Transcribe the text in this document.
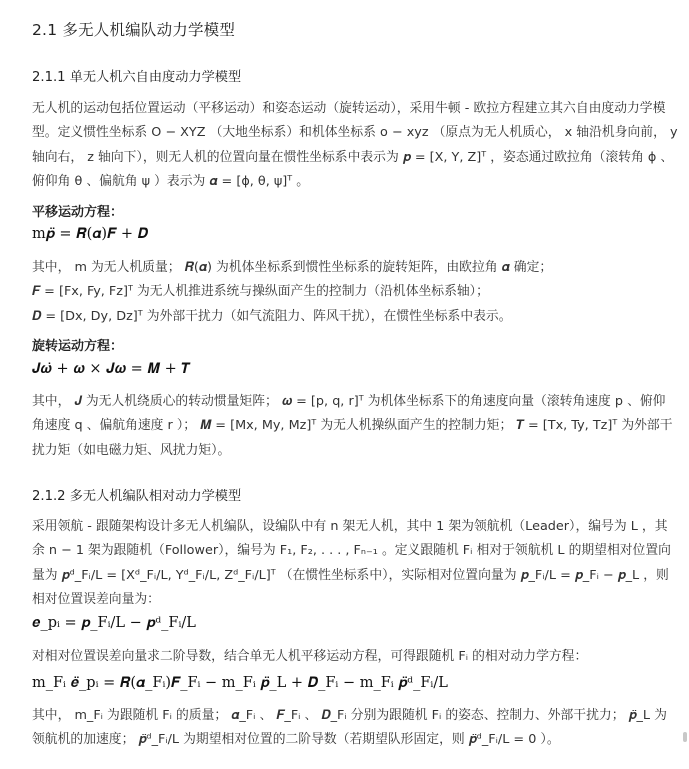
2.1 多无人机编队动力学模型
2.1.1 单无人机六自由度动力学模型

无人机的运动包括位置运动（平移运动）和姿态运动（旋转运动），采用牛顿 - 欧拉方程建立其六自由度动力学模型。定义惯性坐标系 O − XYZ （大地坐标系）和机体坐标系 o − xyz （原点为无人机质心， x 轴沿机身向前， y 轴向右， z 轴向下），则无人机的位置向量在惯性坐标系中表示为 𝒑 = [X, Y, Z]ᵀ ，姿态通过欧拉角（滚转角 ϕ 、俯仰角 θ 、偏航角 ψ ）表示为 𝜶 = [ϕ, θ, ψ]ᵀ 。

平移运动方程：

m𝒑̈ = 𝑹(𝜶)𝑭 + 𝑫

其中， m 为无人机质量； 𝑹(𝜶) 为机体坐标系到惯性坐标系的旋转矩阵，由欧拉角 𝜶 确定；
𝑭 = [Fx, Fy, Fz]ᵀ 为无人机推进系统与操纵面产生的控制力（沿机体坐标系轴）；
𝑫 = [Dx, Dy, Dz]ᵀ 为外部干扰力（如气流阻力、阵风干扰），在惯性坐标系中表示。

旋转运动方程：

𝑱𝝎̇ + 𝝎 × 𝑱𝝎 = 𝑴 + 𝑻

其中， 𝑱 为无人机绕质心的转动惯量矩阵； 𝝎 = [p, q, r]ᵀ 为机体坐标系下的角速度向量（滚转角速度 p 、俯仰角速度 q 、偏航角速度 r ）； 𝑴 = [Mx, My, Mz]ᵀ 为无人机操纵面产生的控制力矩； 𝑻 = [Tx, Ty, Tz]ᵀ 为外部干扰力矩（如电磁力矩、风扰力矩）。

2.1.2 多无人机编队相对动力学模型

采用领航 - 跟随架构设计多无人机编队，设编队中有 n 架无人机，其中 1 架为领航机（Leader），编号为 L ，其余 n − 1 架为跟随机（Follower），编号为 F₁, F₂, . . . , Fₙ₋₁ 。定义跟随机 Fᵢ 相对于领航机 L 的期望相对位置向量为 𝒑ᵈ_Fᵢ/L = [Xᵈ_Fᵢ/L, Yᵈ_Fᵢ/L, Zᵈ_Fᵢ/L]ᵀ （在惯性坐标系中），实际相对位置向量为 𝒑_Fᵢ/L = 𝒑_Fᵢ − 𝒑_L ，则相对位置误差向量为：

𝒆_pᵢ = 𝒑_Fᵢ/L − 𝒑ᵈ_Fᵢ/L

对相对位置误差向量求二阶导数，结合单无人机平移运动方程，可得跟随机 Fᵢ 的相对动力学方程：

m_Fᵢ 𝒆̈_pᵢ = 𝑹(𝜶_Fᵢ)𝑭_Fᵢ − m_Fᵢ 𝒑̈_L + 𝑫_Fᵢ − m_Fᵢ 𝒑̈ᵈ_Fᵢ/L

其中， m_Fᵢ 为跟随机 Fᵢ 的质量； 𝜶_Fᵢ 、 𝑭_Fᵢ 、 𝑫_Fᵢ 分别为跟随机 Fᵢ 的姿态、控制力、外部干扰力； 𝒑̈_L 为领航机的加速度； 𝒑̈ᵈ_Fᵢ/L 为期望相对位置的二阶导数（若期望队形固定，则 𝒑̈ᵈ_Fᵢ/L = 0 ）。
